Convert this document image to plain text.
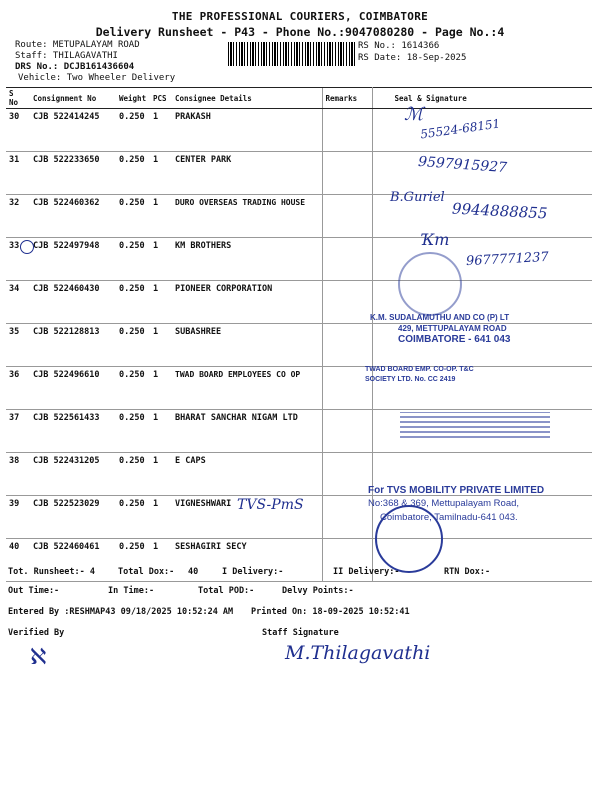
THE PROFESSIONAL COURIERS, COIMBATORE
Delivery Runsheet - P43 - Phone No.:9047080280 - Page No.:4
Route: METUPALAYAM ROAD
Staff: THILAGAVATHI
DRS No.: DCJB161436604
Vehicle: Two Wheeler Delivery
RS No.: 1614366
RS Date: 18-Sep-2025
S No	Consignment No	Weight	PCS	Consignee Details	Remarks	Seal & Signature
30	CJB 522414245	0.250	1	PRAKASH		
31	CJB 522233650	0.250	1	CENTER PARK		
32	CJB 522460362	0.250	1	DURO OVERSEAS TRADING HOUSE		
33	CJB 522497948	0.250	1	KM BROTHERS		
34	CJB 522460430	0.250	1	PIONEER CORPORATION		
35	CJB 522128813	0.250	1	SUBASHREE		
36	CJB 522496610	0.250	1	TWAD BOARD EMPLOYEES CO OP		
37	CJB 522561433	0.250	1	BHARAT SANCHAR NIGAM LTD		
38	CJB 522431205	0.250	1	E CAPS		
39	CJB 522523029	0.250	1	VIGNESHWARI		
40	CJB 522460461	0.250	1	SESHAGIRI SECY		
55524-68151
ℳ
9597915927
B.Guriel
9944888855
9677771237
Ҡm
TVS-PmS
K.M. SUDALAMUTHU AND CO (P) LT
429, METTUPALAYAM ROAD
COIMBATORE - 641 043
TWAD BOARD EMP. CO-OP. T&C
SOCIETY LTD. No. CC 2419
For TVS MOBILITY PRIVATE LIMITED
No:368 & 369, Mettupalayam Road,
Coimbatore, Tamilnadu-641 043.
Tot. Runsheet:- 4	Total Dox:- 40	I Delivery:-	II Delivery:-	RTN Dox:-
Out Time:-	In Time:-	Total POD:-	Delvy Points:-
Entered By :RESHMAP43 09/18/2025 10:52:24 AM Printed On: 18-09-2025 10:52:41
Verified By	Staff Signature
M.Thilagavathi
ℵ
